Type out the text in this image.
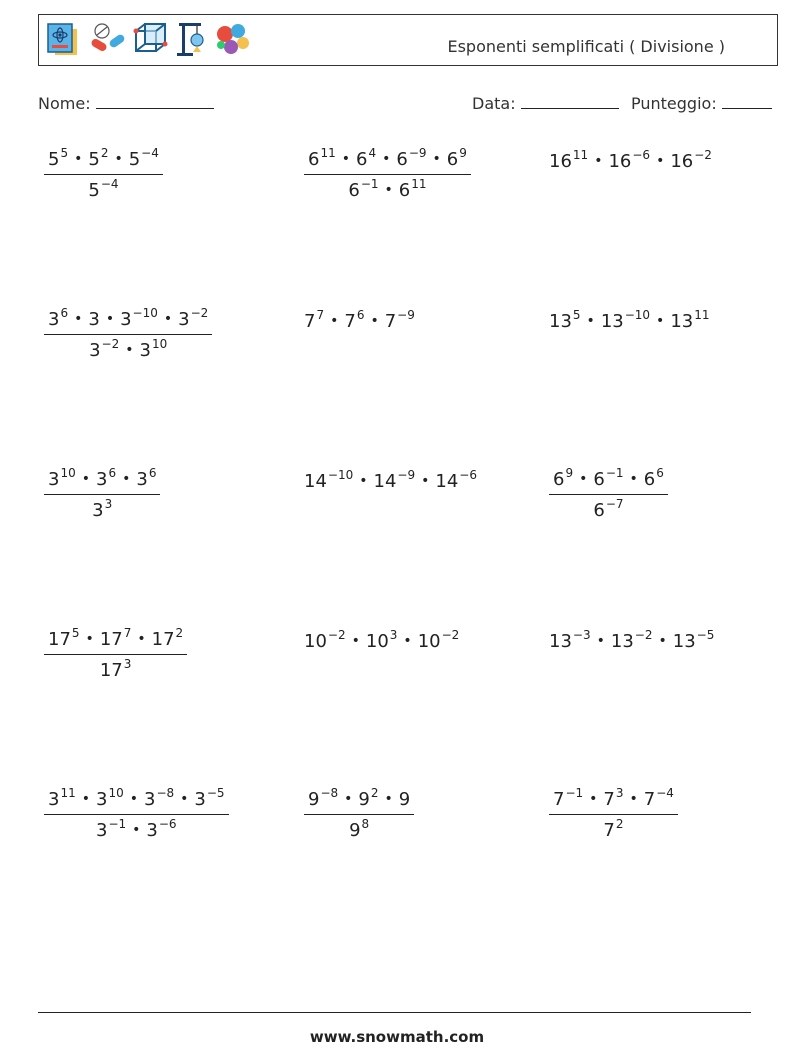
Esponenti semplificati ( Divisione )
Nome:	Data:	Punteggio:
$\frac{5^5 • 5^2 • 5^{-4}}{5^{-4}}$	$\frac{6^{11} • 6^4 • 6^{-9} • 6^9}{6^{-1} • 6^{11}}$	$16^{11}$ • $16^{-6}$ • $16^{-2}$
$\frac{3^6 • 3 • 3^{-10} • 3^{-2}}{3^{-2} • 3^{10}}$	$7^7$ • $7^6$ • $7^{-9}$	$13^5$ • $13^{-10}$ • $13^{11}$
$\frac{3^{10} • 3^6 • 3^6}{3^3}$	$14^{-10}$ • $14^{-9}$ • $14^{-6}$	$\frac{6^9 • 6^{-1} • 6^6}{6^{-7}}$
$\frac{17^5 • 17^7 • 17^2}{17^3}$	$10^{-2}$ • $10^3$ • $10^{-2}$	$13^{-3}$ • $13^{-2}$ • $13^{-5}$
$\frac{3^{11} • 3^{10} • 3^{-8} • 3^{-5}}{3^{-1} • 3^{-6}}$	$\frac{9^{-8} • 9^2 • 9}{9^8}$	$\frac{7^{-1} • 7^3 • 7^{-4}}{7^2}$
www.snowmath.com
